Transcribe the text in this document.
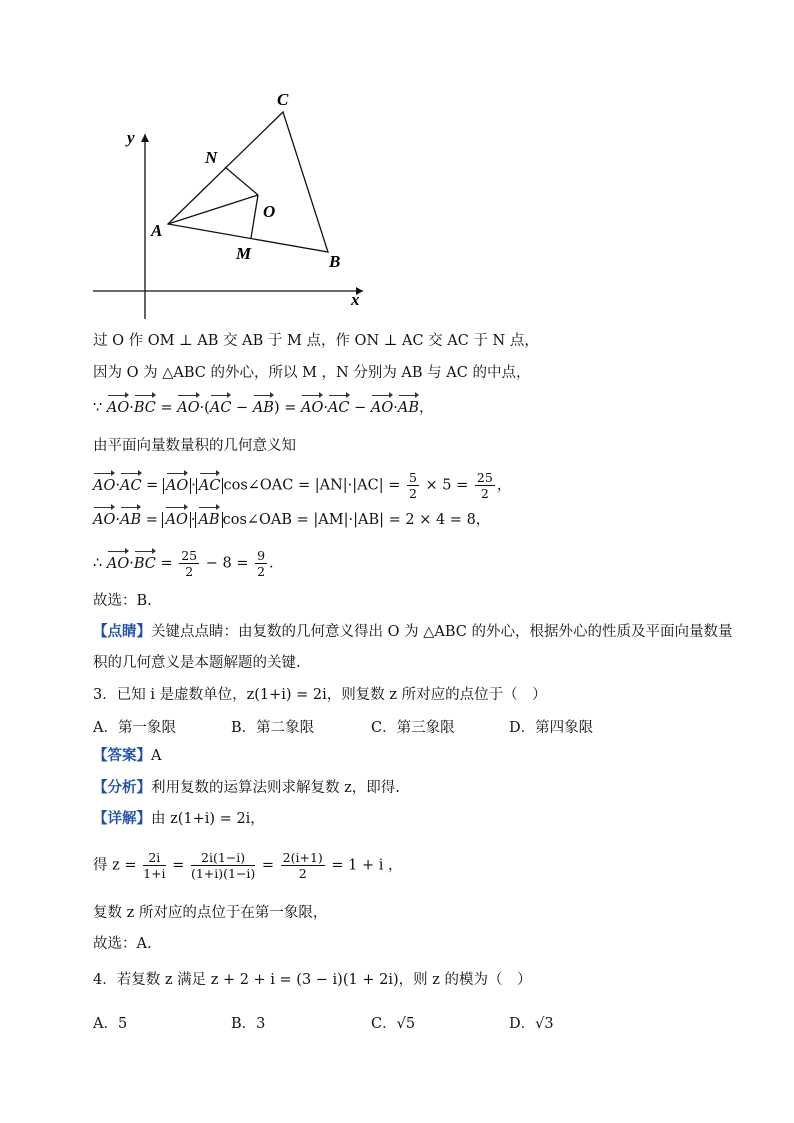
C
y
N
O
A
M	B
x
过 O 作 OM ⊥ AB 交 AB 于 M 点，作 ON ⊥ AC 交 AC 于 N 点，
因为 O 为 △ABC 的外心，所以 M ，N 分别为 AB 与 AC 的中点，
∵ AO·BC = AO·(AC − AB) = AO·AC − AO·AB，
由平面向量数量积的几何意义知
AO·AC = AO · AC cos∠OAC = $|AN|\cdot|AC| = \frac{5}{2} \times 5 = \frac{25}{2}$ ，
AO·AB = AO · AB cos∠OAB = |AM|·|AB| = 2 × 4 = 8，
∴ $AO\cdot BC = \frac{25}{2} - 8 = \frac{9}{2}$ .
故选：B.
【点睛】关键点点睛：由复数的几何意义得出 O 为 △ABC 的外心，根据外心的性质及平面向量数量
积的几何意义是本题解题的关键.
3．已知 i 是虚数单位，z(1+i) = 2i，则复数 z 所对应的点位于（　）
A．第一象限	B．第二象限	C．第三象限	D．第四象限
【答案】A
【分析】利用复数的运算法则求解复数 z，即得.
【详解】由 z(1+i) = 2i，
得 $z = \frac{2i}{1+i} = \frac{2i(1-i)}{(1+i)(1-i)} = \frac{2(i+1)}{2} = 1 + i$ ，
复数 z 所对应的点位于在第一象限，
故选：A.
4．若复数 z 满足 z + 2 + i = (3 − i)(1 + 2i)，则 z 的模为（　）
A．5	B．3	C．√5	D．√3
